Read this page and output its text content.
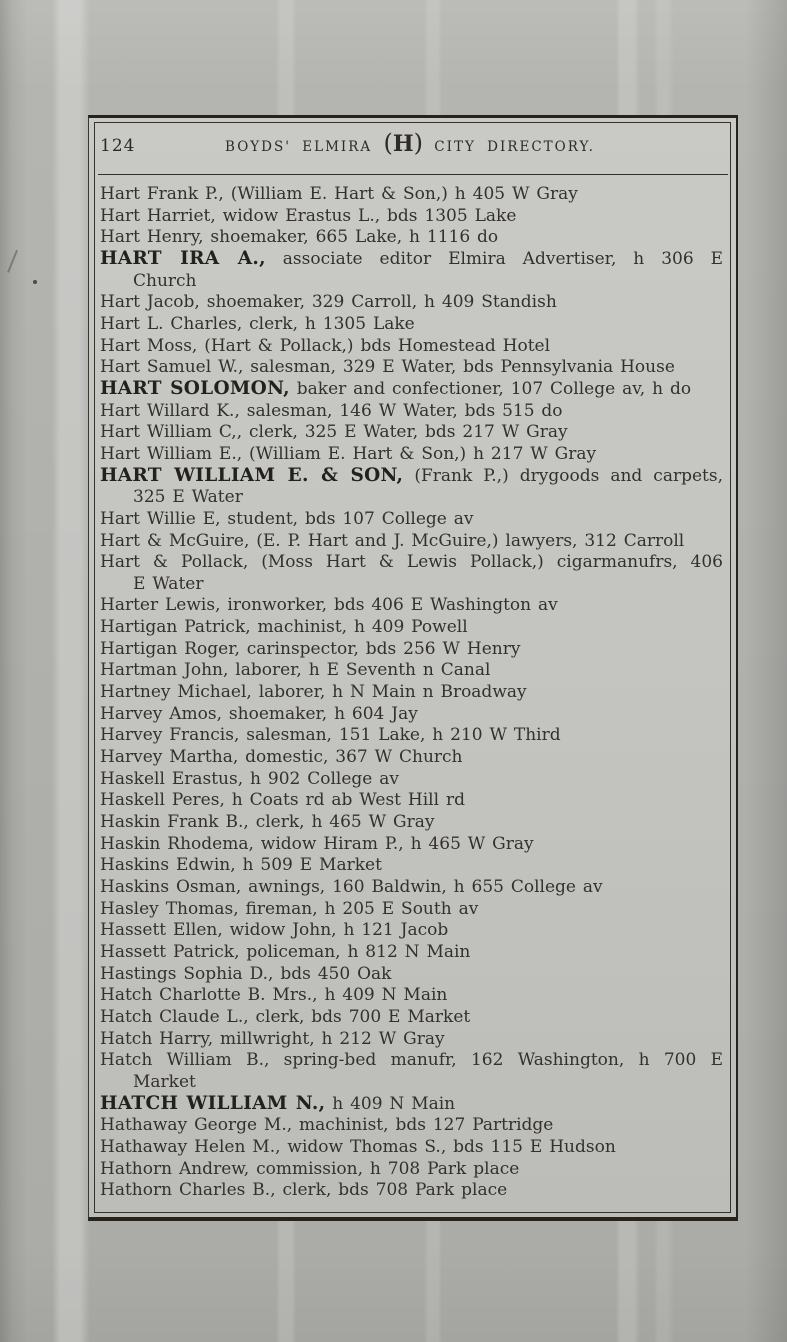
124	BOYDS' ELMIRA (H) CITY DIRECTORY.
Hart Frank P., (William E. Hart & Son,) h 405 W Gray
Hart Harriet, widow Erastus L., bds 1305 Lake
Hart Henry, shoemaker, 665 Lake, h 1116 do
HART IRA A., associate editor Elmira Advertiser, h 306 E
Church
Hart Jacob, shoemaker, 329 Carroll, h 409 Standish
Hart L. Charles, clerk, h 1305 Lake
Hart Moss, (Hart & Pollack,) bds Homestead Hotel
Hart Samuel W., salesman, 329 E Water, bds Pennsylvania House
HART SOLOMON, baker and confectioner, 107 College av, h do
Hart Willard K., salesman, 146 W Water, bds 515 do
Hart William C,, clerk, 325 E Water, bds 217 W Gray
Hart William E., (William E. Hart & Son,) h 217 W Gray
HART WILLIAM E. & SON, (Frank P.,) drygoods and carpets,
325 E Water
Hart Willie E, student, bds 107 College av
Hart & McGuire, (E. P. Hart and J. McGuire,) lawyers, 312 Carroll
Hart & Pollack, (Moss Hart & Lewis Pollack,) cigarmanufrs, 406
E Water
Harter Lewis, ironworker, bds 406 E Washington av
Hartigan Patrick, machinist, h 409 Powell
Hartigan Roger, carinspector, bds 256 W Henry
Hartman John, laborer, h E Seventh n Canal
Hartney Michael, laborer, h N Main n Broadway
Harvey Amos, shoemaker, h 604 Jay
Harvey Francis, salesman, 151 Lake, h 210 W Third
Harvey Martha, domestic, 367 W Church
Haskell Erastus, h 902 College av
Haskell Peres, h Coats rd ab West Hill rd
Haskin Frank B., clerk, h 465 W Gray
Haskin Rhodema, widow Hiram P., h 465 W Gray
Haskins Edwin, h 509 E Market
Haskins Osman, awnings, 160 Baldwin, h 655 College av
Hasley Thomas, fireman, h 205 E South av
Hassett Ellen, widow John, h 121 Jacob
Hassett Patrick, policeman, h 812 N Main
Hastings Sophia D., bds 450 Oak
Hatch Charlotte B. Mrs., h 409 N Main
Hatch Claude L., clerk, bds 700 E Market
Hatch Harry, millwright, h 212 W Gray
Hatch William B., spring-bed manufr, 162 Washington, h 700 E
Market
HATCH WILLIAM N., h 409 N Main
Hathaway George M., machinist, bds 127 Partridge
Hathaway Helen M., widow Thomas S., bds 115 E Hudson
Hathorn Andrew, commission, h 708 Park place
Hathorn Charles B., clerk, bds 708 Park place
